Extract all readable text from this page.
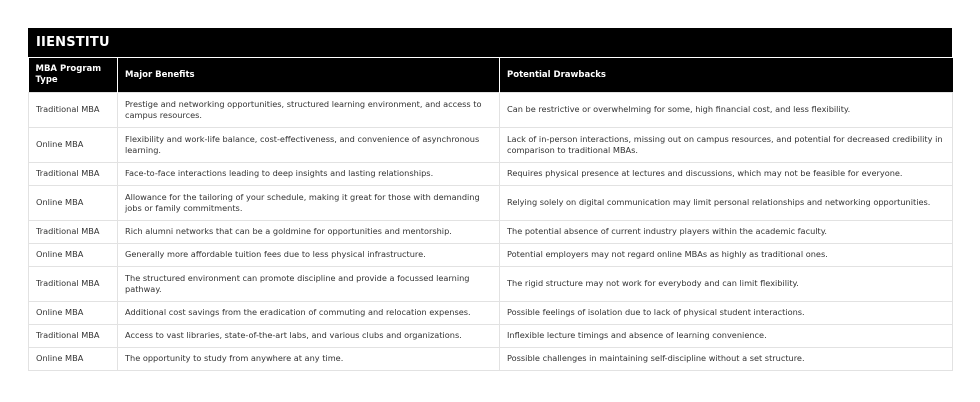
IIENSTITU
MBA Program Type	Major Benefits	Potential Drawbacks
Traditional MBA	Prestige and networking opportunities, structured learning environment, and access to campus resources.	Can be restrictive or overwhelming for some, high financial cost, and less flexibility.
Online MBA	Flexibility and work-life balance, cost-effectiveness, and convenience of asynchronous learning.	Lack of in-person interactions, missing out on campus resources, and potential for decreased credibility in comparison to traditional MBAs.
Traditional MBA	Face-to-face interactions leading to deep insights and lasting relationships.	Requires physical presence at lectures and discussions, which may not be feasible for everyone.
Online MBA	Allowance for the tailoring of your schedule, making it great for those with demanding jobs or family commitments.	Relying solely on digital communication may limit personal relationships and networking opportunities.
Traditional MBA	Rich alumni networks that can be a goldmine for opportunities and mentorship.	The potential absence of current industry players within the academic faculty.
Online MBA	Generally more affordable tuition fees due to less physical infrastructure.	Potential employers may not regard online MBAs as highly as traditional ones.
Traditional MBA	The structured environment can promote discipline and provide a focussed learning pathway.	The rigid structure may not work for everybody and can limit flexibility.
Online MBA	Additional cost savings from the eradication of commuting and relocation expenses.	Possible feelings of isolation due to lack of physical student interactions.
Traditional MBA	Access to vast libraries, state-of-the-art labs, and various clubs and organizations.	Inflexible lecture timings and absence of learning convenience.
Online MBA	The opportunity to study from anywhere at any time.	Possible challenges in maintaining self-discipline without a set structure.
